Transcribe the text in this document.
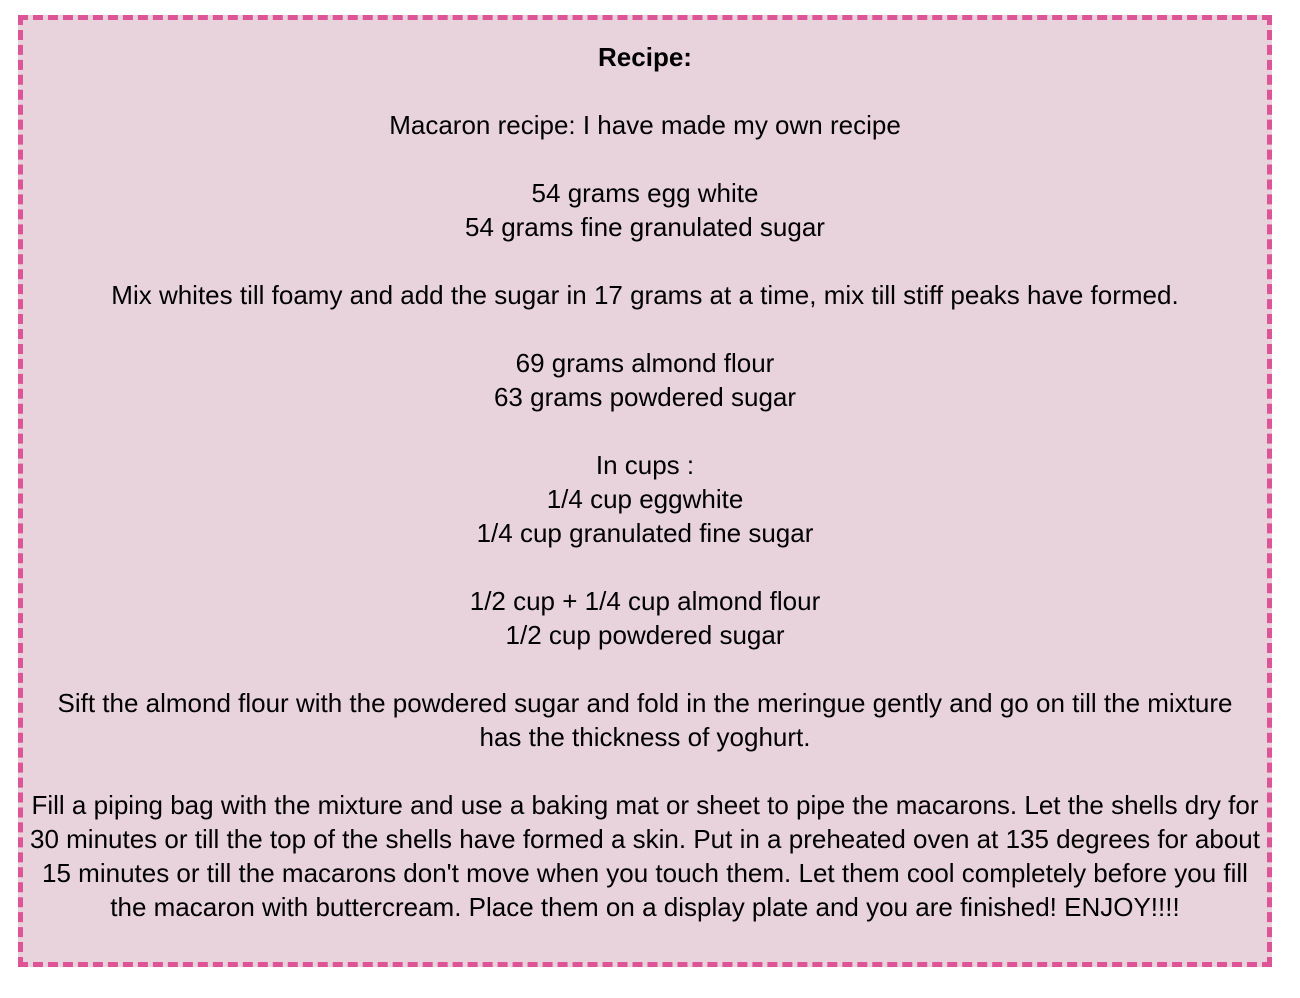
Recipe:

Macaron recipe: I have made my own recipe

54 grams egg white

54 grams fine granulated sugar

Mix whites till foamy and add the sugar in 17 grams at a time, mix till stiff peaks have formed.

69 grams almond flour

63 grams powdered sugar

In cups :

1/4 cup eggwhite

1/4 cup granulated fine sugar

1/2 cup + 1/4 cup almond flour

1/2 cup powdered sugar

Sift the almond flour with the powdered sugar and fold in the meringue gently and go on till the mixture has the thickness of yoghurt.

Fill a piping bag with the mixture and use a baking mat or sheet to pipe the macarons. Let the shells dry for 30 minutes or till the top of the shells have formed a skin. Put in a preheated oven at 135 degrees for about 15 minutes or till the macarons don't move when you touch them. Let them cool completely before you fill the macaron with buttercream. Place them on a display plate and you are finished! ENJOY!!!!
